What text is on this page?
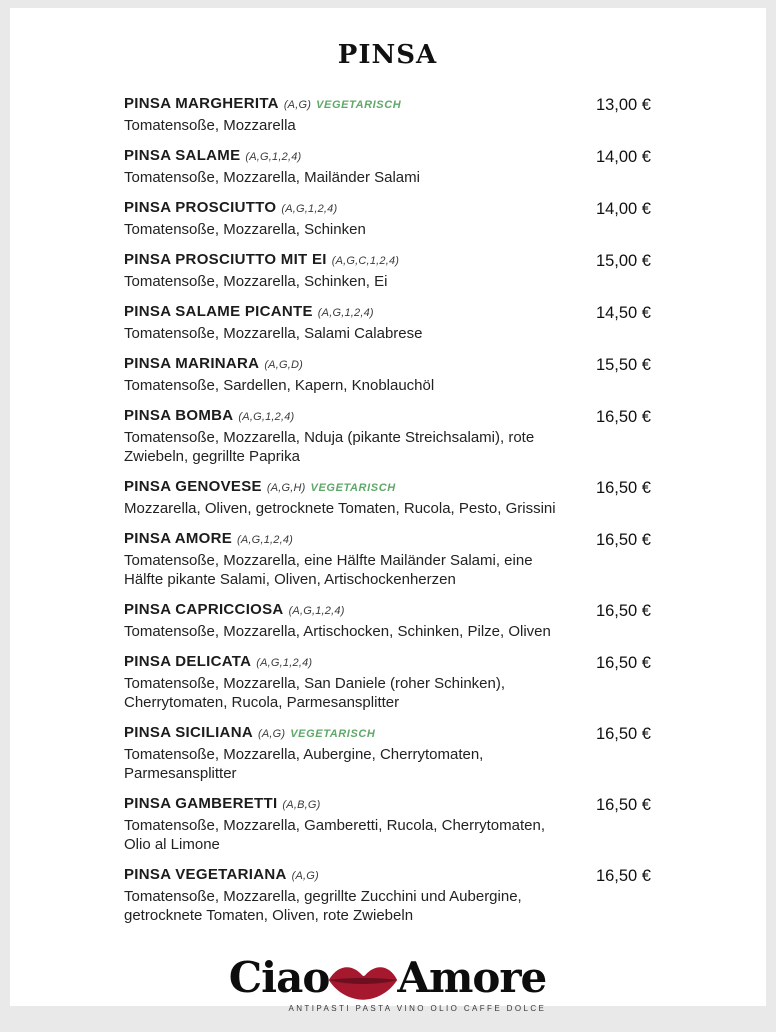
PINSA
PINSA MARGHERITA (A,G) VEGETARISCH
Tomatensoße, Mozzarella
13,00 €
PINSA SALAME (A,G,1,2,4)
Tomatensoße, Mozzarella, Mailänder Salami
14,00 €
PINSA PROSCIUTTO (A,G,1,2,4)
Tomatensoße, Mozzarella, Schinken
14,00 €
PINSA PROSCIUTTO MIT EI (A,G,C,1,2,4)
Tomatensoße, Mozzarella, Schinken, Ei
15,00 €
PINSA SALAME PICANTE (A,G,1,2,4)
Tomatensoße, Mozzarella, Salami Calabrese
14,50 €
PINSA MARINARA (A,G,D)
Tomatensoße, Sardellen, Kapern, Knoblauchöl
15,50 €
PINSA BOMBA (A,G,1,2,4)
Tomatensoße, Mozzarella, Nduja (pikante Streichsalami), rote Zwiebeln, gegrillte Paprika
16,50 €
PINSA GENOVESE (A,G,H) VEGETARISCH
Mozzarella, Oliven, getrocknete Tomaten, Rucola, Pesto, Grissini
16,50 €
PINSA AMORE (A,G,1,2,4)
Tomatensoße, Mozzarella, eine Hälfte Mailänder Salami, eine Hälfte pikante Salami, Oliven, Artischockenherzen
16,50 €
PINSA CAPRICCIOSA (A,G,1,2,4)
Tomatensoße, Mozzarella, Artischocken, Schinken, Pilze, Oliven
16,50 €
PINSA DELICATA (A,G,1,2,4)
Tomatensoße, Mozzarella, San Daniele (roher Schinken), Cherrytomaten, Rucola, Parmesansplitter
16,50 €
PINSA SICILIANA (A,G) VEGETARISCH
Tomatensoße, Mozzarella, Aubergine, Cherrytomaten, Parmesansplitter
16,50 €
PINSA GAMBERETTI (A,B,G)
Tomatensoße, Mozzarella, Gamberetti, Rucola, Cherrytomaten, Olio al Limone
16,50 €
PINSA VEGETARIANA (A,G)
Tomatensoße, Mozzarella, gegrillte Zucchini und Aubergine, getrocknete Tomaten, Oliven, rote Zwiebeln
16,50 €
Ciao Amore
ANTIPASTI PASTA VINO OLIO CAFFE DOLCE
